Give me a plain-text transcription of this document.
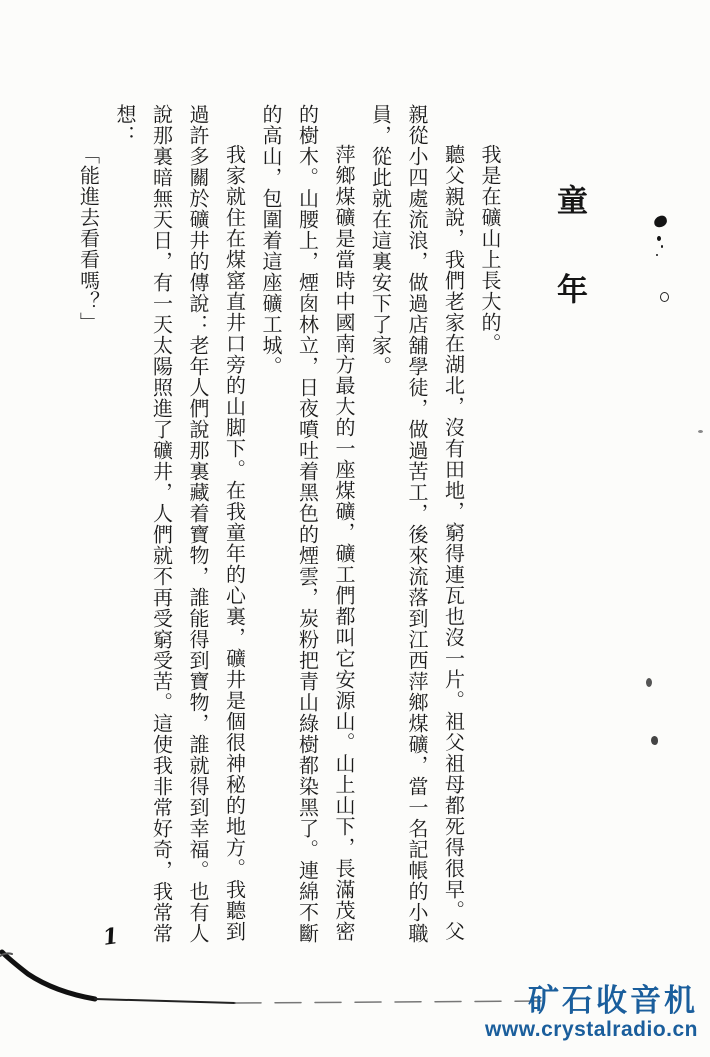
童年

我是在礦山上長大的。

聽父親說，我們老家在湖北，沒有田地，窮得連瓦也沒一片。祖父祖母都死得很早。父親從小四處流浪，做過店舖學徒，做過苦工，後來流落到江西萍鄉煤礦，當一名記帳的小職員，從此就在這裏安下了家。

萍鄉煤礦是當時中國南方最大的一座煤礦，礦工們都叫它安源山。山上山下，長滿茂密的樹木。山腰上，煙囱林立，日夜噴吐着黑色的煙雲，炭粉把青山綠樹都染黑了。連綿不斷的高山，包圍着這座礦工城。

我家就住在煤窰直井口旁的山脚下。在我童年的心裏，礦井是個很神秘的地方。我聽到過許多關於礦井的傳說：老年人們說那裏藏着寶物，誰能得到寶物，誰就得到幸福。也有人說那裏暗無天日，有一天太陽照進了礦井，人們就不再受窮受苦。這使我非常好奇，我常常想：

「能進去看看嗎？」

1
矿石收音机
www.crystalradio.cn
